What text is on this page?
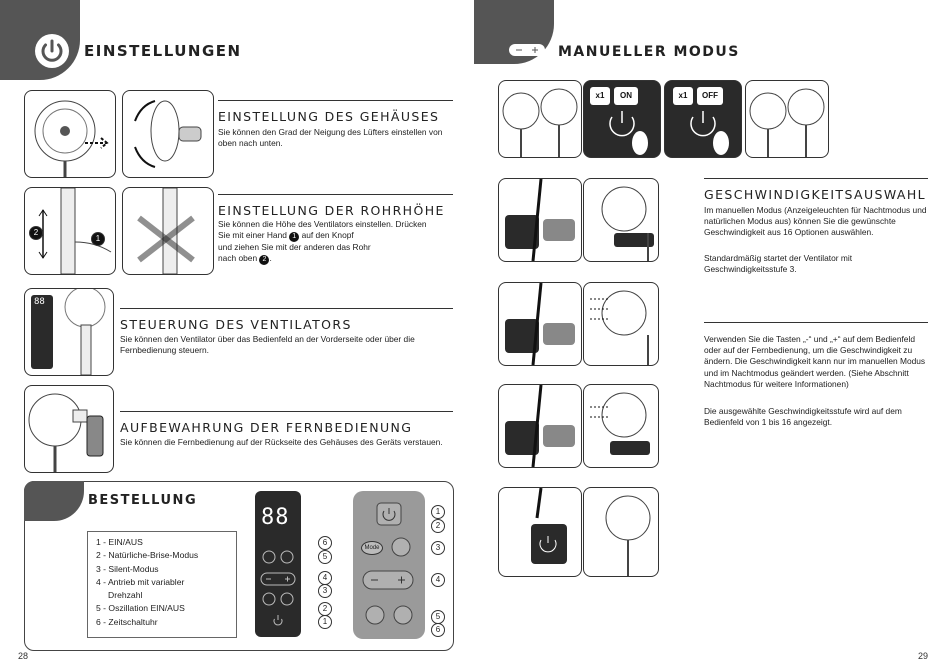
EINSTELLUNGEN
EINSTELLUNG DES GEHÄUSES
Sie können den Grad der Neigung des Lüfters einstellen von oben nach unten.
2
1
EINSTELLUNG DER ROHRHÖHE
Sie können die Höhe des Ventilators einstellen. Drücken
Sie mit einer Hand 1 auf den Knopf
und ziehen Sie mit der anderen das Rohr
nach oben 2 .
88
STEUERUNG DES VENTILATORS
Sie können den Ventilator über das Bedienfeld an der Vorderseite oder über die Fernbedienung steuern.
AUFBEWAHRUNG DER FERNBEDIENUNG
Sie können die Fernbedienung auf der Rückseite des Gehäuses des Geräts verstauen.
BESTELLUNG
1 - EIN/AUS
2 - Natürliche-Brise-Modus
3 - Silent-Modus
4 - Antrieb mit variabler
Drehzahl
5 - Oszillation EIN/AUS
6 - Zeitschaltuhr
88
6
5
4
3
2
1
Mode
1
2
3
4
5
6
28
MANUELLER MODUS
x1	ON	x1	OFF
GESCHWINDIGKEITSAUSWAHL
Im manuellen Modus (Anzeigeleuchten für Nachtmodus und natürlichen Modus aus) können Sie die gewünschte Geschwindigkeit aus 16 Optionen auswählen.
Standardmäßig startet der Ventilator mit Geschwindigkeitsstufe 3.
Verwenden Sie die Tasten „-“ und „+“ auf dem Bedienfeld oder auf der Fernbedienung, um die Geschwindigkeit zu ändern. Die Geschwindigkeit kann nur im manuellen Modus und im Nachtmodus geändert werden. (Siehe Abschnitt Nachtmodus für weitere Informationen)
Die ausgewählte Geschwindigkeitsstufe wird auf dem Bedienfeld von 1 bis 16 angezeigt.
29
